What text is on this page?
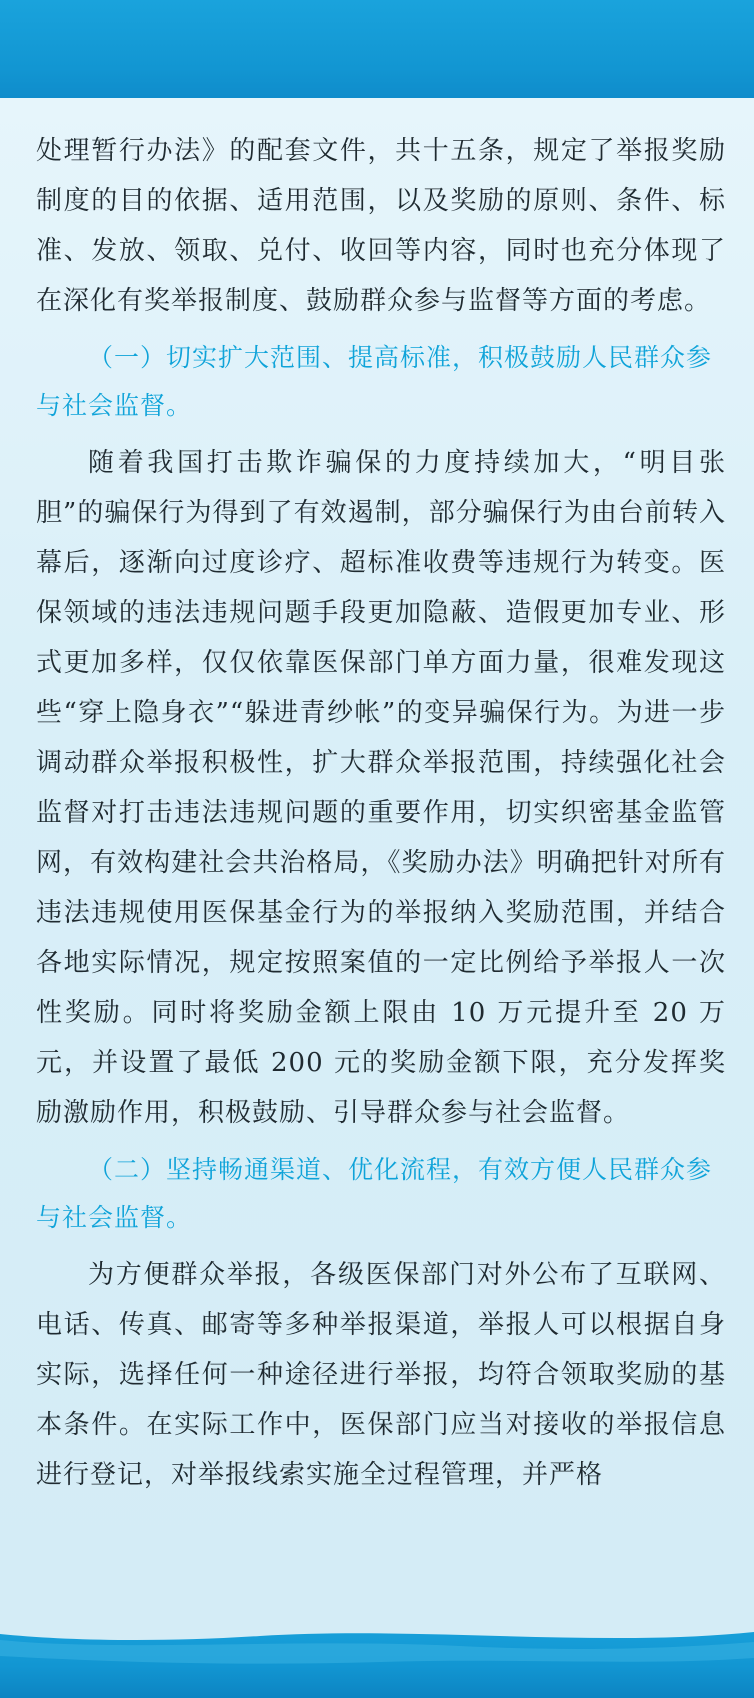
处理暂行办法》的配套文件，共十五条，规定了举报奖励制度的目的依据、适用范围，以及奖励的原则、条件、标准、发放、领取、兑付、收回等内容，同时也充分体现了在深化有奖举报制度、鼓励群众参与监督等方面的考虑。

（一）切实扩大范围、提高标准，积极鼓励人民群众参与社会监督。

随着我国打击欺诈骗保的力度持续加大，“明目张胆”的骗保行为得到了有效遏制，部分骗保行为由台前转入幕后，逐渐向过度诊疗、超标准收费等违规行为转变。医保领域的违法违规问题手段更加隐蔽、造假更加专业、形式更加多样，仅仅依靠医保部门单方面力量，很难发现这些“穿上隐身衣”“躲进青纱帐”的变异骗保行为。为进一步调动群众举报积极性，扩大群众举报范围，持续强化社会监督对打击违法违规问题的重要作用，切实织密基金监管网，有效构建社会共治格局，《奖励办法》明确把针对所有违法违规使用医保基金行为的举报纳入奖励范围，并结合各地实际情况，规定按照案值的一定比例给予举报人一次性奖励。同时将奖励金额上限由 10 万元提升至 20 万元，并设置了最低 200 元的奖励金额下限，充分发挥奖励激励作用，积极鼓励、引导群众参与社会监督。

（二）坚持畅通渠道、优化流程，有效方便人民群众参与社会监督。

为方便群众举报，各级医保部门对外公布了互联网、电话、传真、邮寄等多种举报渠道，举报人可以根据自身实际，选择任何一种途径进行举报，均符合领取奖励的基本条件。在实际工作中，医保部门应当对接收的举报信息进行登记，对举报线索实施全过程管理，并严格
